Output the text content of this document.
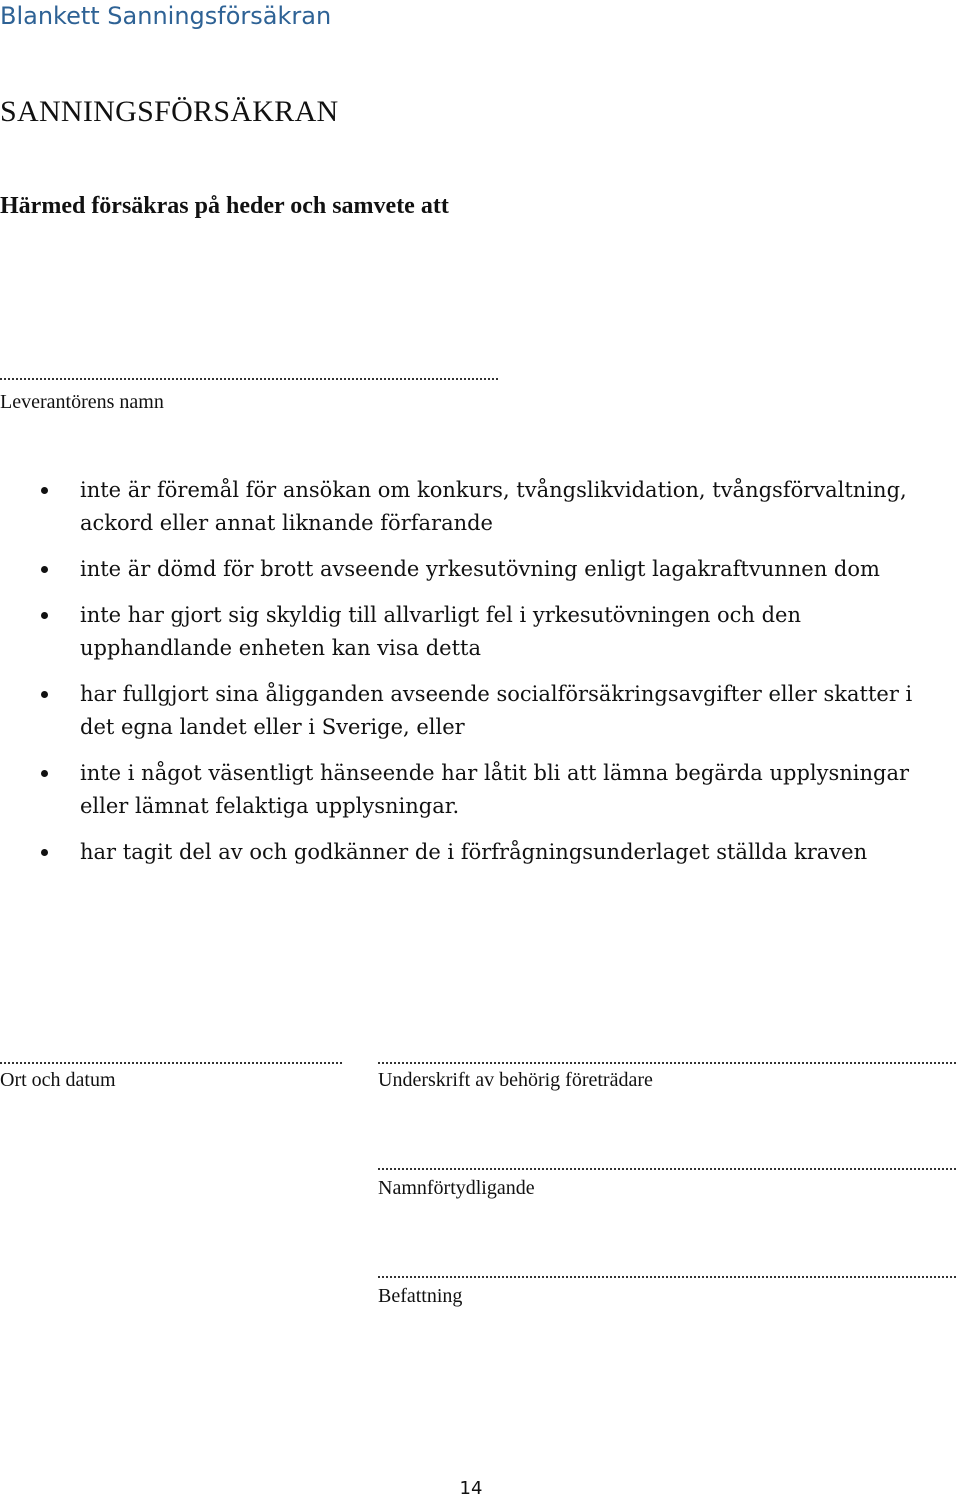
Blankett Sanningsförsäkran
SANNINGSFÖRSÄKRAN
Härmed försäkras på heder och samvete att
Leverantörens namn
inte är föremål för ansökan om konkurs, tvångslikvidation, tvångsförvaltning, ackord eller annat liknande förfarande
inte är dömd för brott avseende yrkesutövning enligt lagakraftvunnen dom
inte har gjort sig skyldig till allvarligt fel i yrkesutövningen och den upphandlande enheten kan visa detta
har fullgjort sina åligganden avseende socialförsäkringsavgifter eller skatter i det egna landet eller i Sverige, eller
inte i något väsentligt hänseende har låtit bli att lämna begärda upplysningar eller lämnat felaktiga upplysningar.
har tagit del av och godkänner de i förfrågningsunderlaget ställda kraven
Ort och datum	Underskrift av behörig företrädare
Namnförtydligande
Befattning
14
